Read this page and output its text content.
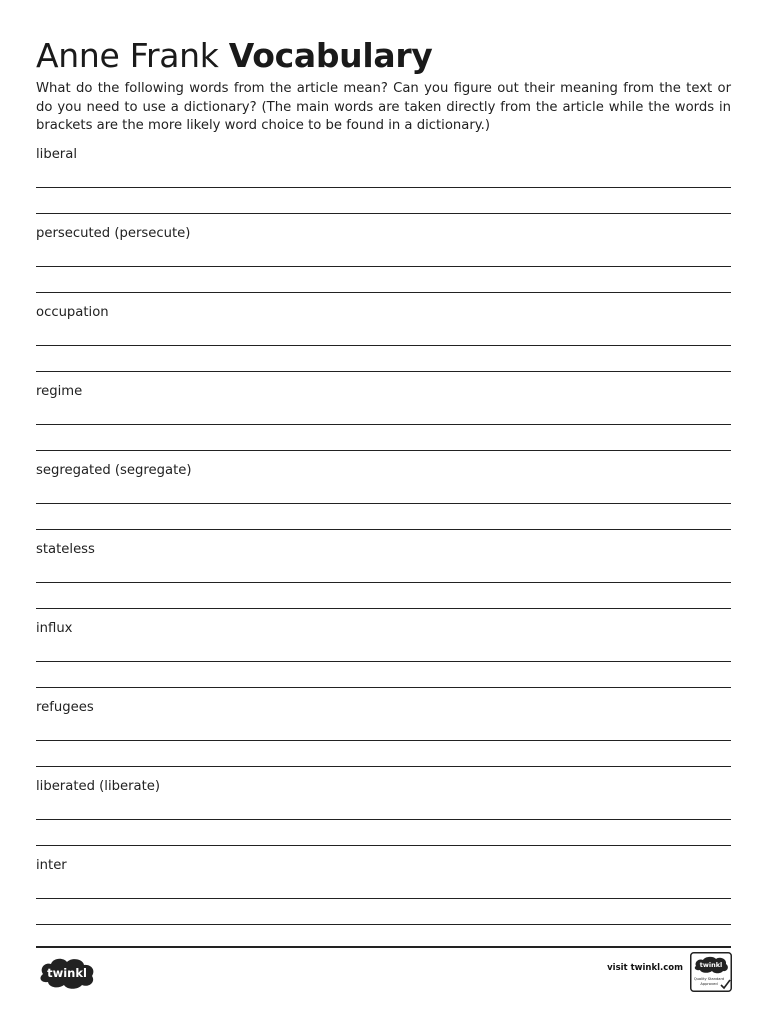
Anne Frank Vocabulary

What do the following words from the article mean? Can you figure out their meaning from the text or do you need to use a dictionary? (The main words are taken directly from the article while the words in brackets are the more likely word choice to be found in a dictionary.)

liberal
persecuted (persecute)
occupation
regime
segregated (segregate)
stateless
influx
refugees
liberated (liberate)
inter
twinkl	visit twinkl.com	twinkl
Quality Standard
Approved
